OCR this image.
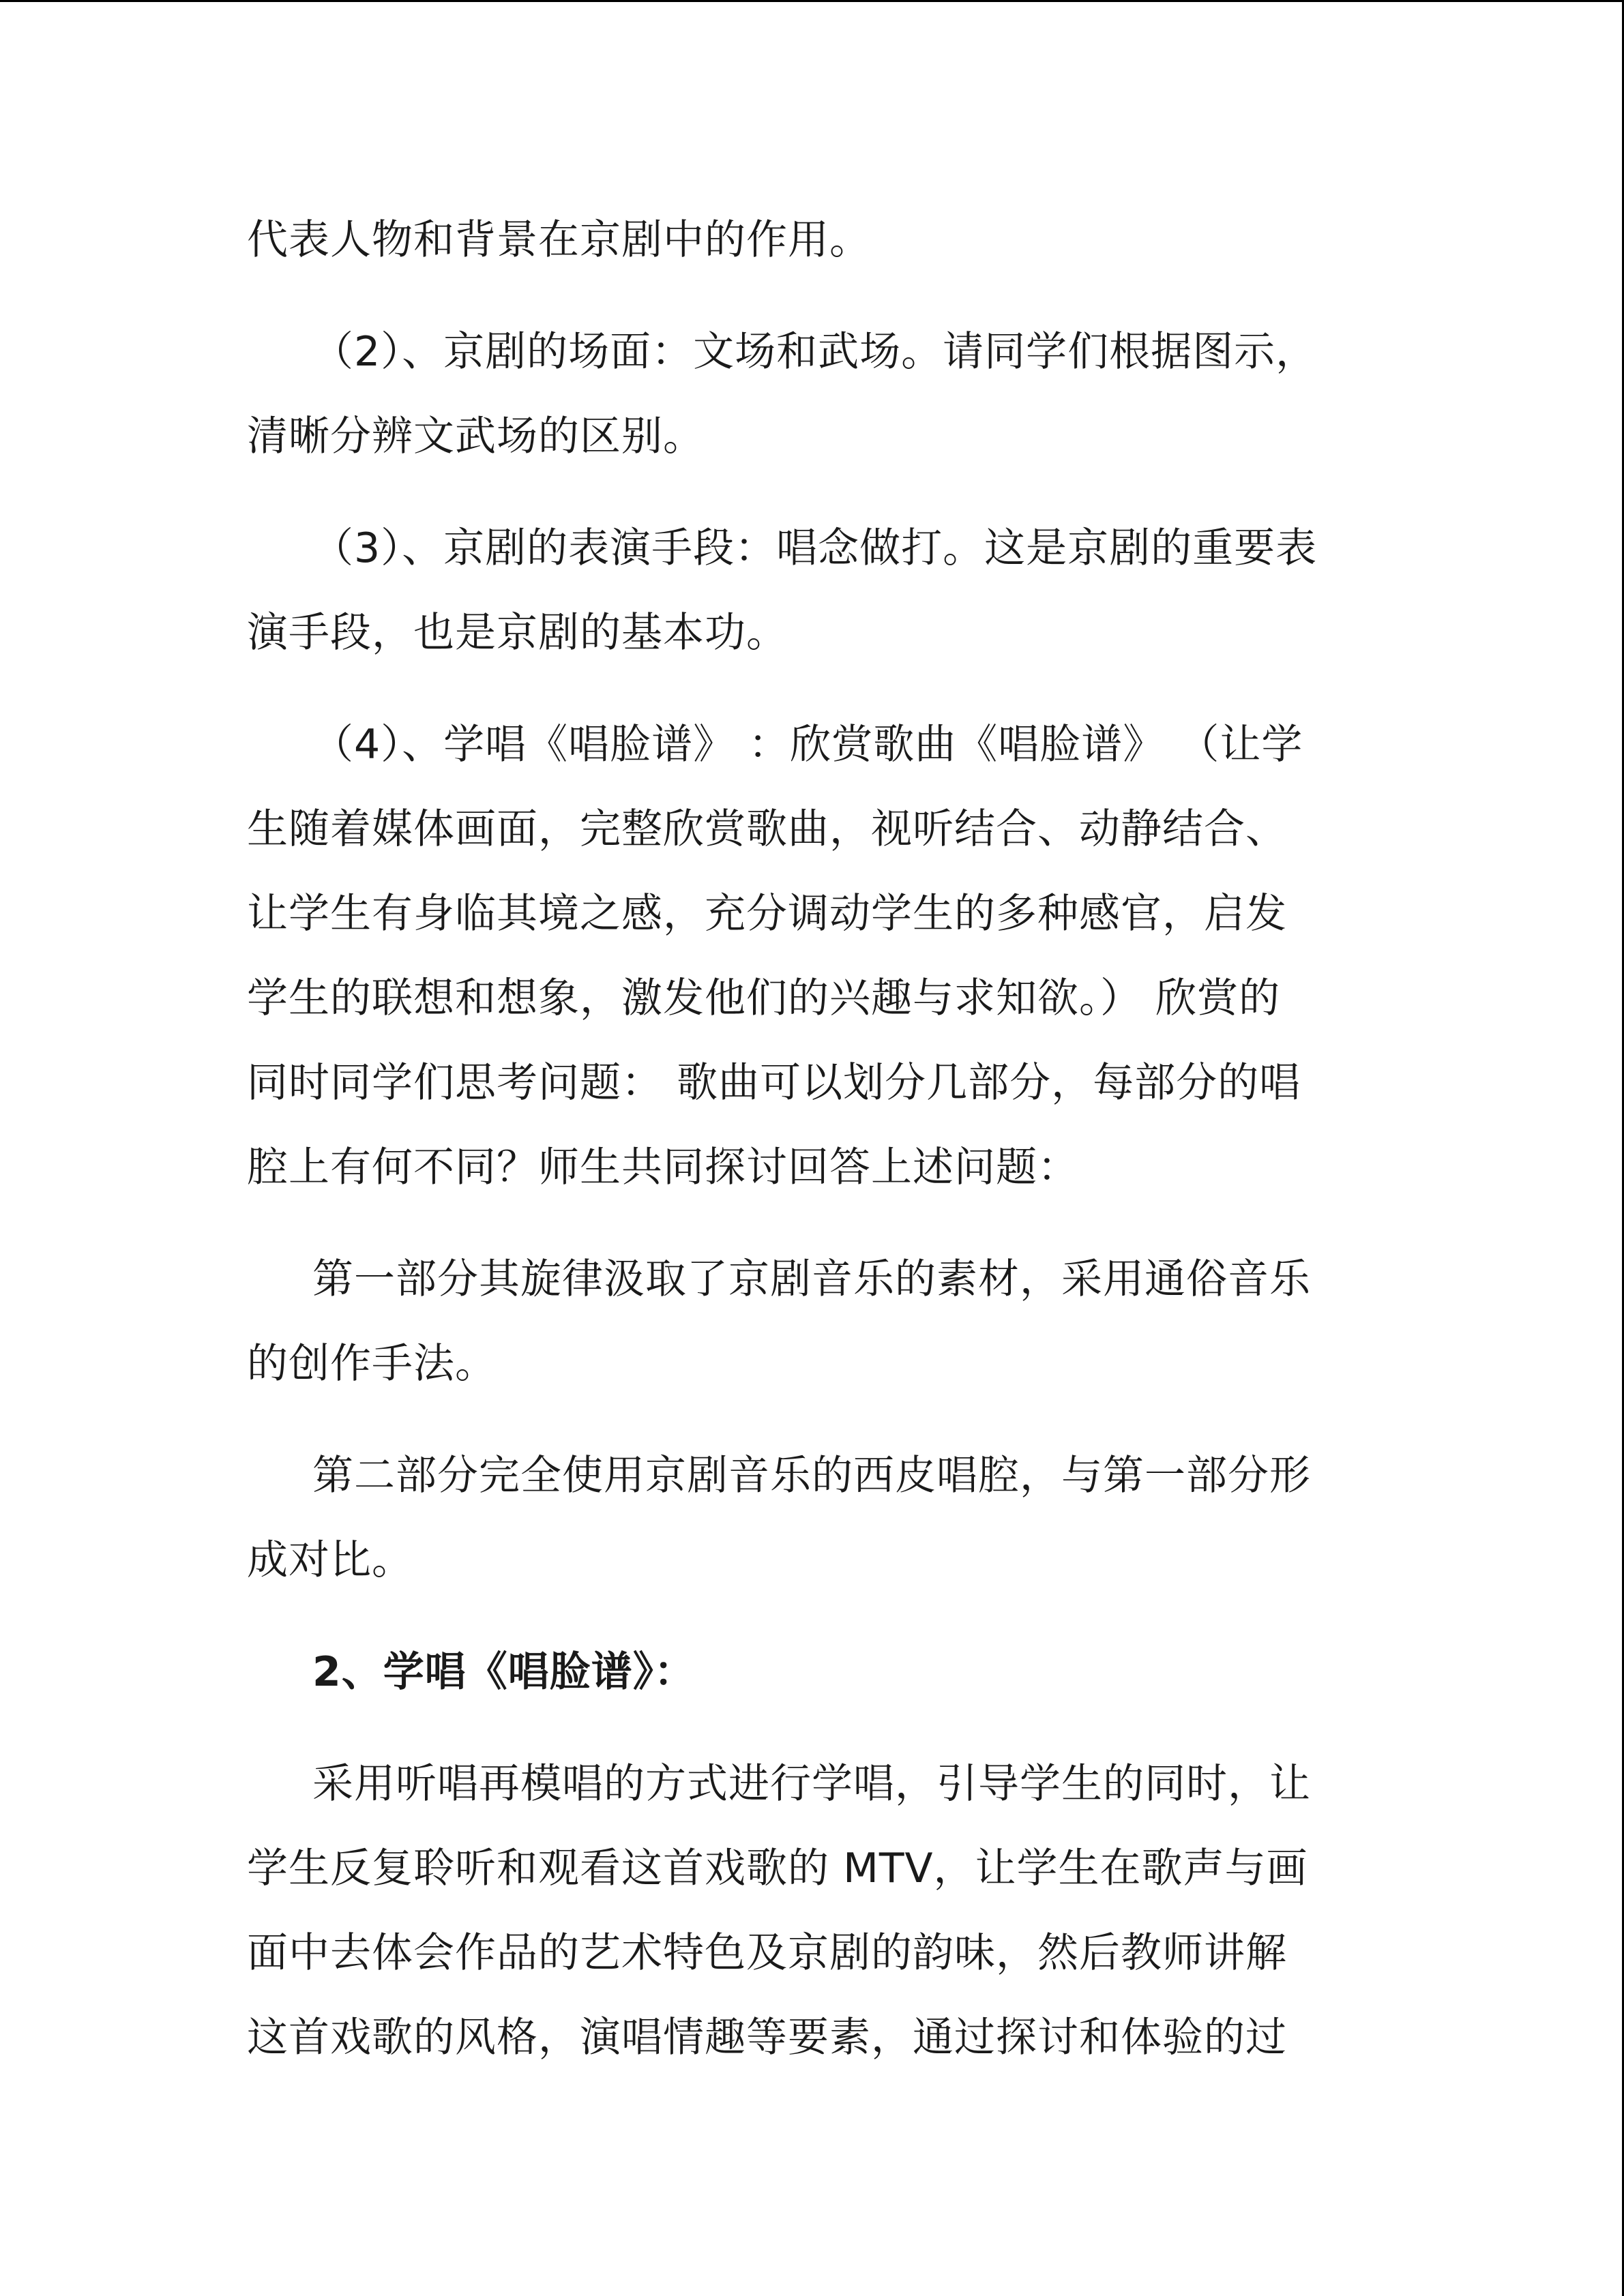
代表人物和背景在京剧中的作用。
（2）、京剧的场面：文场和武场。请同学们根据图示，
清晰分辨文武场的区别。
（3）、京剧的表演手段：唱念做打。这是京剧的重要表
演手段，也是京剧的基本功。
（4）、学唱《唱脸谱》 ：欣赏歌曲《唱脸谱》 （让学
生随着媒体画面，完整欣赏歌曲，视听结合、动静结合、
让学生有身临其境之感，充分调动学生的多种感官，启发
学生的联想和想象，激发他们的兴趣与求知欲。） 欣赏的
同时同学们思考问题： 歌曲可以划分几部分，每部分的唱
腔上有何不同？师生共同探讨回答上述问题：
第一部分其旋律汲取了京剧音乐的素材，采用通俗音乐
的创作手法。
第二部分完全使用京剧音乐的西皮唱腔，与第一部分形
成对比。
2、学唱《唱脸谱》：
采用听唱再模唱的方式进行学唱，引导学生的同时，让
学生反复聆听和观看这首戏歌的 MTV，让学生在歌声与画
面中去体会作品的艺术特色及京剧的韵味，然后教师讲解
这首戏歌的风格，演唱情趣等要素，通过探讨和体验的过
